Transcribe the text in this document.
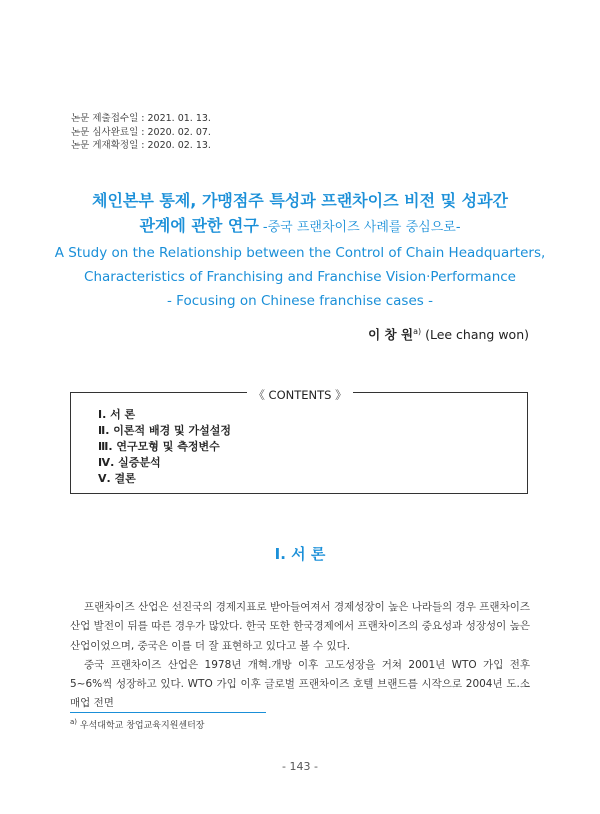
논문 제출접수일 : 2021. 01. 13.
논문 심사완료일 : 2020. 02. 07.
논문 게재확정일 : 2020. 02. 13.
체인본부 통제, 가맹점주 특성과 프랜차이즈 비전 및 성과간
관계에 관한 연구 -중국 프랜차이즈 사례를 중심으로-
A Study on the Relationship between the Control of Chain Headquarters,
Characteristics of Franchising and Franchise Vision·Performance
- Focusing on Chinese franchise cases -
이 창 원$^{a)}$ (Lee chang won)
《 CONTENTS 》
Ⅰ. 서 론
Ⅱ. 이론적 배경 및 가설설정
Ⅲ. 연구모형 및 측정변수
Ⅳ. 실증분석
Ⅴ. 결론
Ⅰ. 서 론

프랜차이즈 산업은 선진국의 경제지표로 받아들여져서 경제성장이 높은 나라들의 경우 프랜차이즈 산업 발전이 뒤를 따른 경우가 많았다. 한국 또한 한국경제에서 프랜차이즈의 중요성과 성장성이 높은 산업이었으며, 중국은 이를 더 잘 표현하고 있다고 볼 수 있다.

중국 프랜차이즈 산업은 1978년 개혁.개방 이후 고도성장을 거쳐 2001년 WTO 가입 전후 5~6%씩 성장하고 있다. WTO 가입 이후 글로벌 프랜차이즈 호텔 브랜드를 시작으로 2004년 도.소매업 전면

$^{a)}$ 우석대학교 창업교육지원센터장
- 143 -
